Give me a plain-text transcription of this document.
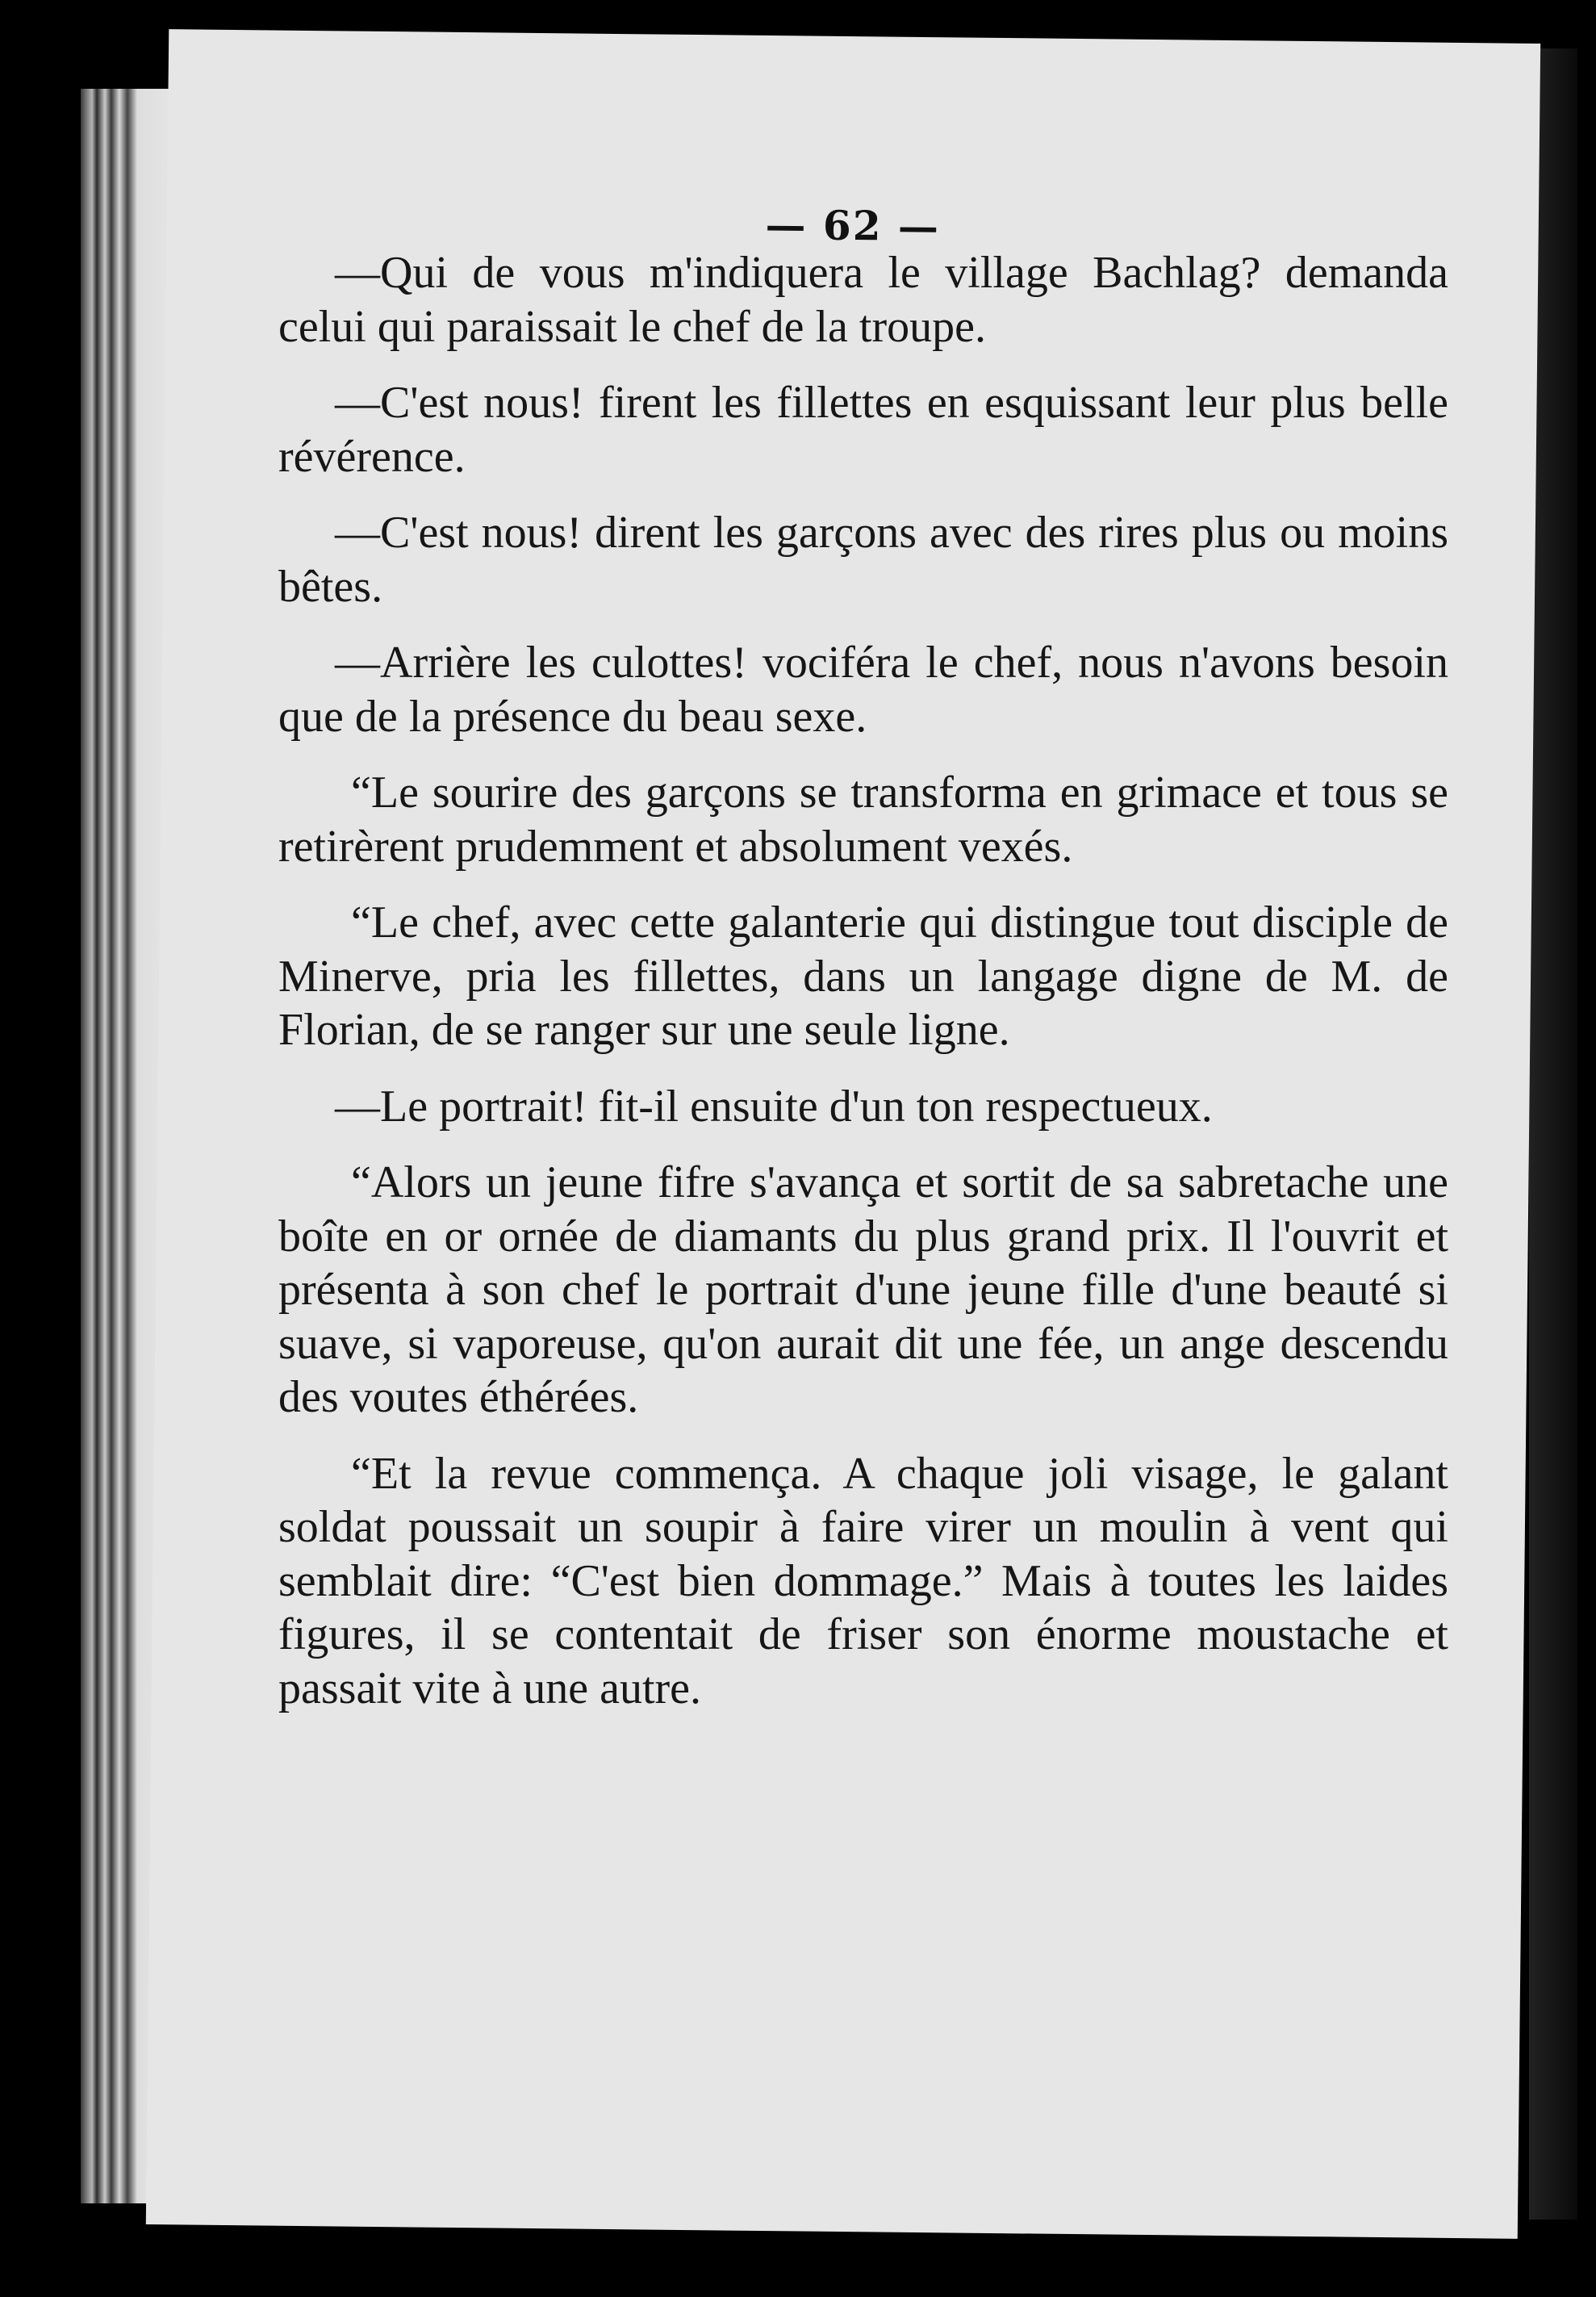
— 62 —

—Qui de vous m'indiquera le village Bachlag? demanda celui qui paraissait le chef de la troupe.

—C'est nous! firent les fillettes en esquissant leur plus belle révérence.

—C'est nous! dirent les garçons avec des rires plus ou moins bêtes.

—Arrière les culottes! vociféra le chef, nous n'avons besoin que de la présence du beau sexe.

“Le sourire des garçons se transforma en grimace et tous se retirèrent prudemment et absolument vexés.

“Le chef, avec cette galanterie qui distingue tout disciple de Minerve, pria les fillettes, dans un langage digne de M. de Florian, de se ranger sur une seule ligne.

—Le portrait! fit-il ensuite d'un ton respectueux.

“Alors un jeune fifre s'avança et sortit de sa sabretache une boîte en or ornée de diamants du plus grand prix. Il l'ouvrit et présenta à son chef le portrait d'une jeune fille d'une beauté si suave, si vaporeuse, qu'on aurait dit une fée, un ange descendu des voutes éthérées.

“Et la revue commença. A chaque joli visage, le galant soldat poussait un soupir à faire virer un moulin à vent qui semblait dire: “C'est bien dommage.” Mais à toutes les laides figures, il se contentait de friser son énorme moustache et passait vite à une autre.
